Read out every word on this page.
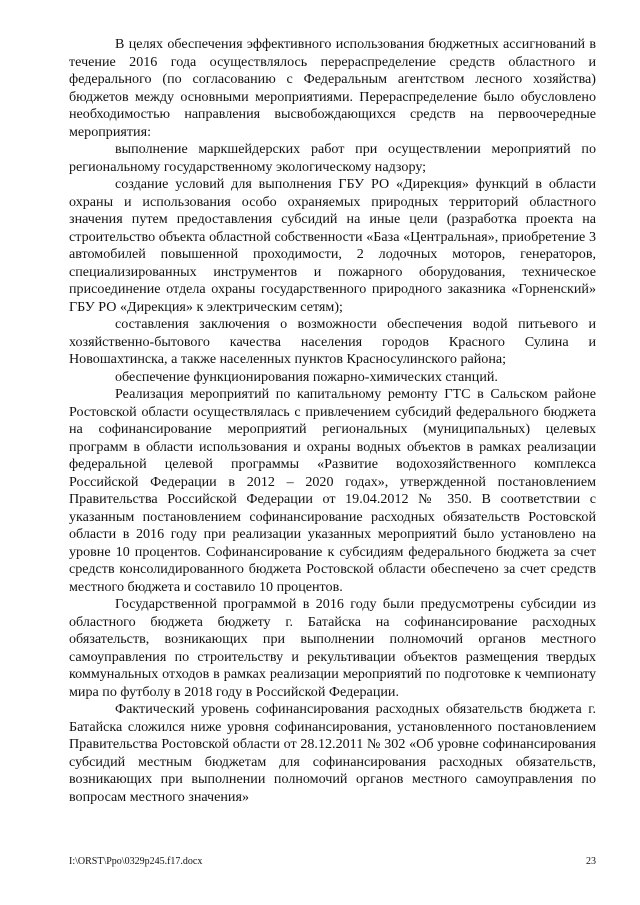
В целях обеспечения эффективного использования бюджетных ассигнований в течение 2016 года осуществлялось перераспределение средств областного и федерального (по согласованию с Федеральным агентством лесного хозяйства) бюджетов между основными мероприятиями. Перераспределение было обусловлено необходимостью направления высвобождающихся средств на первоочередные мероприятия:

выполнение маркшейдерских работ при осуществлении мероприятий по региональному государственному экологическому надзору;

создание условий для выполнения ГБУ РО «Дирекция» функций в области охраны и использования особо охраняемых природных территорий областного значения путем предоставления субсидий на иные цели (разработка проекта на строительство объекта областной собственности «База «Центральная», приобретение 3 автомобилей повышенной проходимости, 2 лодочных моторов, генераторов, специализированных инструментов и пожарного оборудования, техническое присоединение отдела охраны государственного природного заказника «Горненский» ГБУ РО «Дирекция» к электрическим сетям);

составления заключения о возможности обеспечения водой питьевого и хозяйственно-бытового качества населения городов Красного Сулина и Новошахтинска, а также населенных пунктов Красносулинского района;

обеспечение функционирования пожарно-химических станций.

Реализация мероприятий по капитальному ремонту ГТС в Сальском районе Ростовской области осуществлялась с привлечением субсидий федерального бюджета на софинансирование мероприятий региональных (муниципальных) целевых программ в области использования и охраны водных объектов в рамках реализации федеральной целевой программы «Развитие водохозяйственного комплекса Российской Федерации в 2012 – 2020 годах», утвержденной постановлением Правительства Российской Федерации от 19.04.2012 № 350. В соответствии с указанным постановлением софинансирование расходных обязательств Ростовской области в 2016 году при реализации указанных мероприятий было установлено на уровне 10 процентов. Софинансирование к субсидиям федерального бюджета за счет средств консолидированного бюджета Ростовской области обеспечено за счет средств местного бюджета и составило 10 процентов.

Государственной программой в 2016 году были предусмотрены субсидии из областного бюджета бюджету г. Батайска на софинансирование расходных обязательств, возникающих при выполнении полномочий органов местного самоуправления по строительству и рекультивации объектов размещения твердых коммунальных отходов в рамках реализации мероприятий по подготовке к чемпионату мира по футболу в 2018 году в Российской Федерации.

Фактический уровень софинансирования расходных обязательств бюджета г. Батайска сложился ниже уровня софинансирования, установленного постановлением Правительства Ростовской области от 28.12.2011 № 302 «Об уровне софинансирования субсидий местным бюджетам для софинансирования расходных обязательств, возникающих при выполнении полномочий органов местного самоуправления по вопросам местного значения»

I:\ORST\Ppo\0329p245.f17.docx	23
